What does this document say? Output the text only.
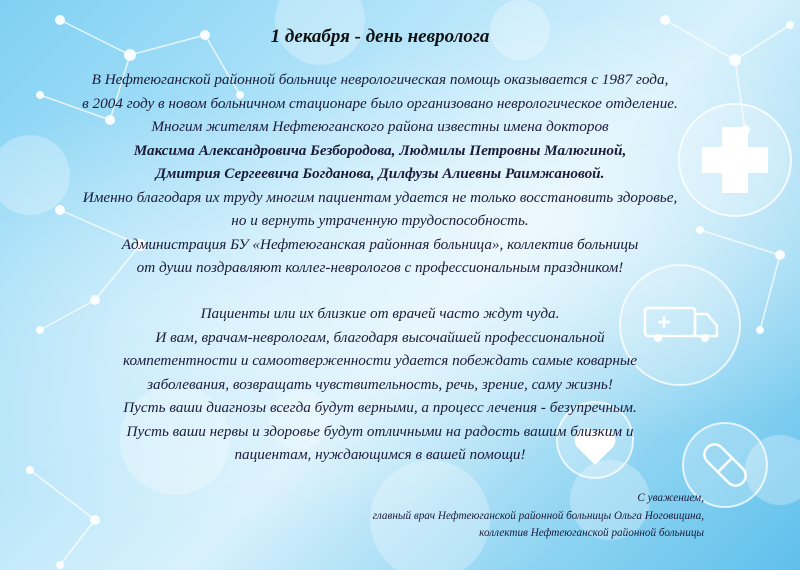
1 декабря - день невролога

В Нефтеюганской районной больнице неврологическая помощь оказывается с 1987 года,
в 2004 году в новом больничном стационаре было организовано неврологическое отделение.
Многим жителям Нефтеюганского района известны имена докторов
Максима Александровича Безбородова, Людмилы Петровны Малюгиной,
Дмитрия Сергеевича Богданова, Дилфузы Алиевны Раимжановой.
Именно благодаря их труду многим пациентам удается не только восстановить здоровье,
но и вернуть утраченную трудоспособность.
Администрация БУ «Нефтеюганская районная больница», коллектив больницы
от души поздравляют коллег-неврологов с профессиональным праздником!

Пациенты или их близкие от врачей часто ждут чуда.
И вам, врачам-неврологам, благодаря высочайшей профессиональной
компетентности и самоотверженности удается побеждать самые коварные
заболевания, возвращать чувствительность, речь, зрение, саму жизнь!
Пусть ваши диагнозы всегда будут верными, а процесс лечения - безупречным.
Пусть ваши нервы и здоровье будут отличными на радость вашим близким и
пациентам, нуждающимся в вашей помощи!

С уважением,
главный врач Нефтеюганской районной больницы Ольга Ноговицина,
коллектив Нефтеюганской районной больницы
